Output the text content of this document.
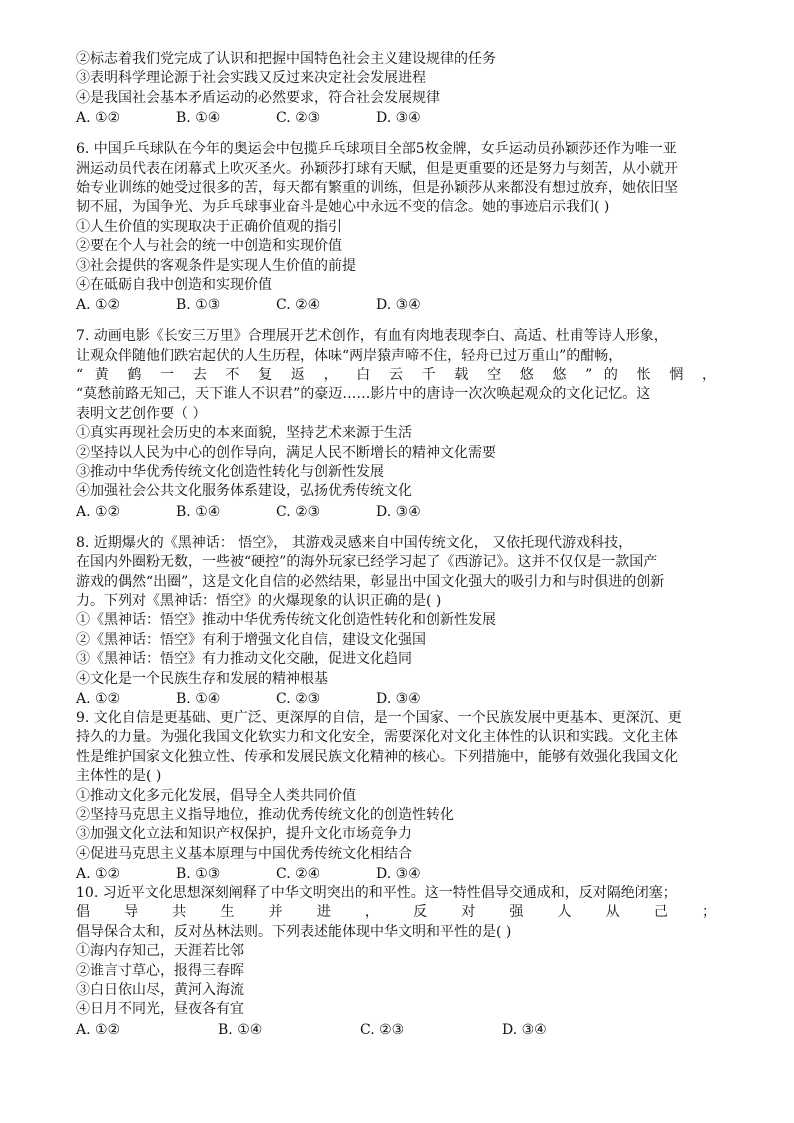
②标志着我们党完成了认识和把握中国特色社会主义建设规律的任务
③表明科学理论源于社会实践又反过来决定社会发展进程
④是我国社会基本矛盾运动的必然要求，符合社会发展规律
A. ①②	B. ①④	C. ②③	D. ③④
6. 中国乒乓球队在今年的奥运会中包揽乒乓球项目全部5枚金牌，女乒运动员孙颖莎还作为唯一亚
洲运动员代表在闭幕式上吹灭圣火。孙颖莎打球有天赋，但是更重要的还是努力与刻苦，从小就开
始专业训练的她受过很多的苦，每天都有繁重的训练，但是孙颖莎从来都没有想过放弃，她依旧坚
韧不屈，为国争光、为乒乓球事业奋斗是她心中永远不变的信念。她的事迹启示我们( )
①人生价值的实现取决于正确价值观的指引
②要在个人与社会的统一中创造和实现价值
③社会提供的客观条件是实现人生价值的前提
④在砥砺自我中创造和实现价值
A. ①②	B. ①③	C. ②④	D. ③④
7. 动画电影《长安三万里》合理展开艺术创作，有血有肉地表现李白、高适、杜甫等诗人形象，
让观众伴随他们跌宕起伏的人生历程，体味“两岸猿声啼不住，轻舟已过万重山”的酣畅，
“ 黄 鹤 一 去 不 复 返 ， 白 云 千 载 空 悠 悠 ” 的 怅 惘 ，
“莫愁前路无知己，天下谁人不识君”的豪迈……影片中的唐诗一次次唤起观众的文化记忆。这
表明文艺创作要（ ）
①真实再现社会历史的本来面貌，坚持艺术来源于生活
②坚持以人民为中心的创作导向，满足人民不断增长的精神文化需要
③推动中华优秀传统文化创造性转化与创新性发展
④加强社会公共文化服务体系建设，弘扬优秀传统文化
A. ①②	B. ①④	C. ②③	D. ③④
8. 近期爆火的《黑神话： 悟空》， 其游戏灵感来自中国传统文化， 又依托现代游戏科技，
在国内外圈粉无数，一些被“硬控”的海外玩家已经学习起了《西游记》。这并不仅仅是一款国产
游戏的偶然“出圈”，这是文化自信的必然结果，彰显出中国文化强大的吸引力和与时俱进的创新
力。下列对《黑神话：悟空》的火爆现象的认识正确的是( )
①《黑神话：悟空》推动中华优秀传统文化创造性转化和创新性发展
②《黑神话：悟空》有利于增强文化自信，建设文化强国
③《黑神话：悟空》有力推动文化交融，促进文化趋同
④文化是一个民族生存和发展的精神根基
A. ①②	B. ①④	C. ②③	D. ③④
9. 文化自信是更基础、更广泛、更深厚的自信，是一个国家、一个民族发展中更基本、更深沉、更
持久的力量。为强化我国文化软实力和文化安全，需要深化对文化主体性的认识和实践。文化主体
性是维护国家文化独立性、传承和发展民族文化精神的核心。下列措施中，能够有效强化我国文化
主体性的是( )
①推动文化多元化发展，倡导全人类共同价值
②坚持马克思主义指导地位，推动优秀传统文化的创造性转化
③加强文化立法和知识产权保护，提升文化市场竞争力
④促进马克思主义基本原理与中国优秀传统文化相结合
A. ①②	B. ①③	C. ②④	D. ③④
10. 习近平文化思想深刻阐释了中华文明突出的和平性。这一特性倡导交通成和，反对隔绝闭塞；
倡 导 共 生 并 进 ， 反 对 强 人 从 己 ；
倡导保合太和，反对丛林法则。下列表述能体现中华文明和平性的是( )
①海内存知己，天涯若比邻
②谁言寸草心，报得三春晖
③白日依山尽，黄河入海流
④日月不同光，昼夜各有宜
A. ①②	B. ①④	C. ②③	D. ③④
